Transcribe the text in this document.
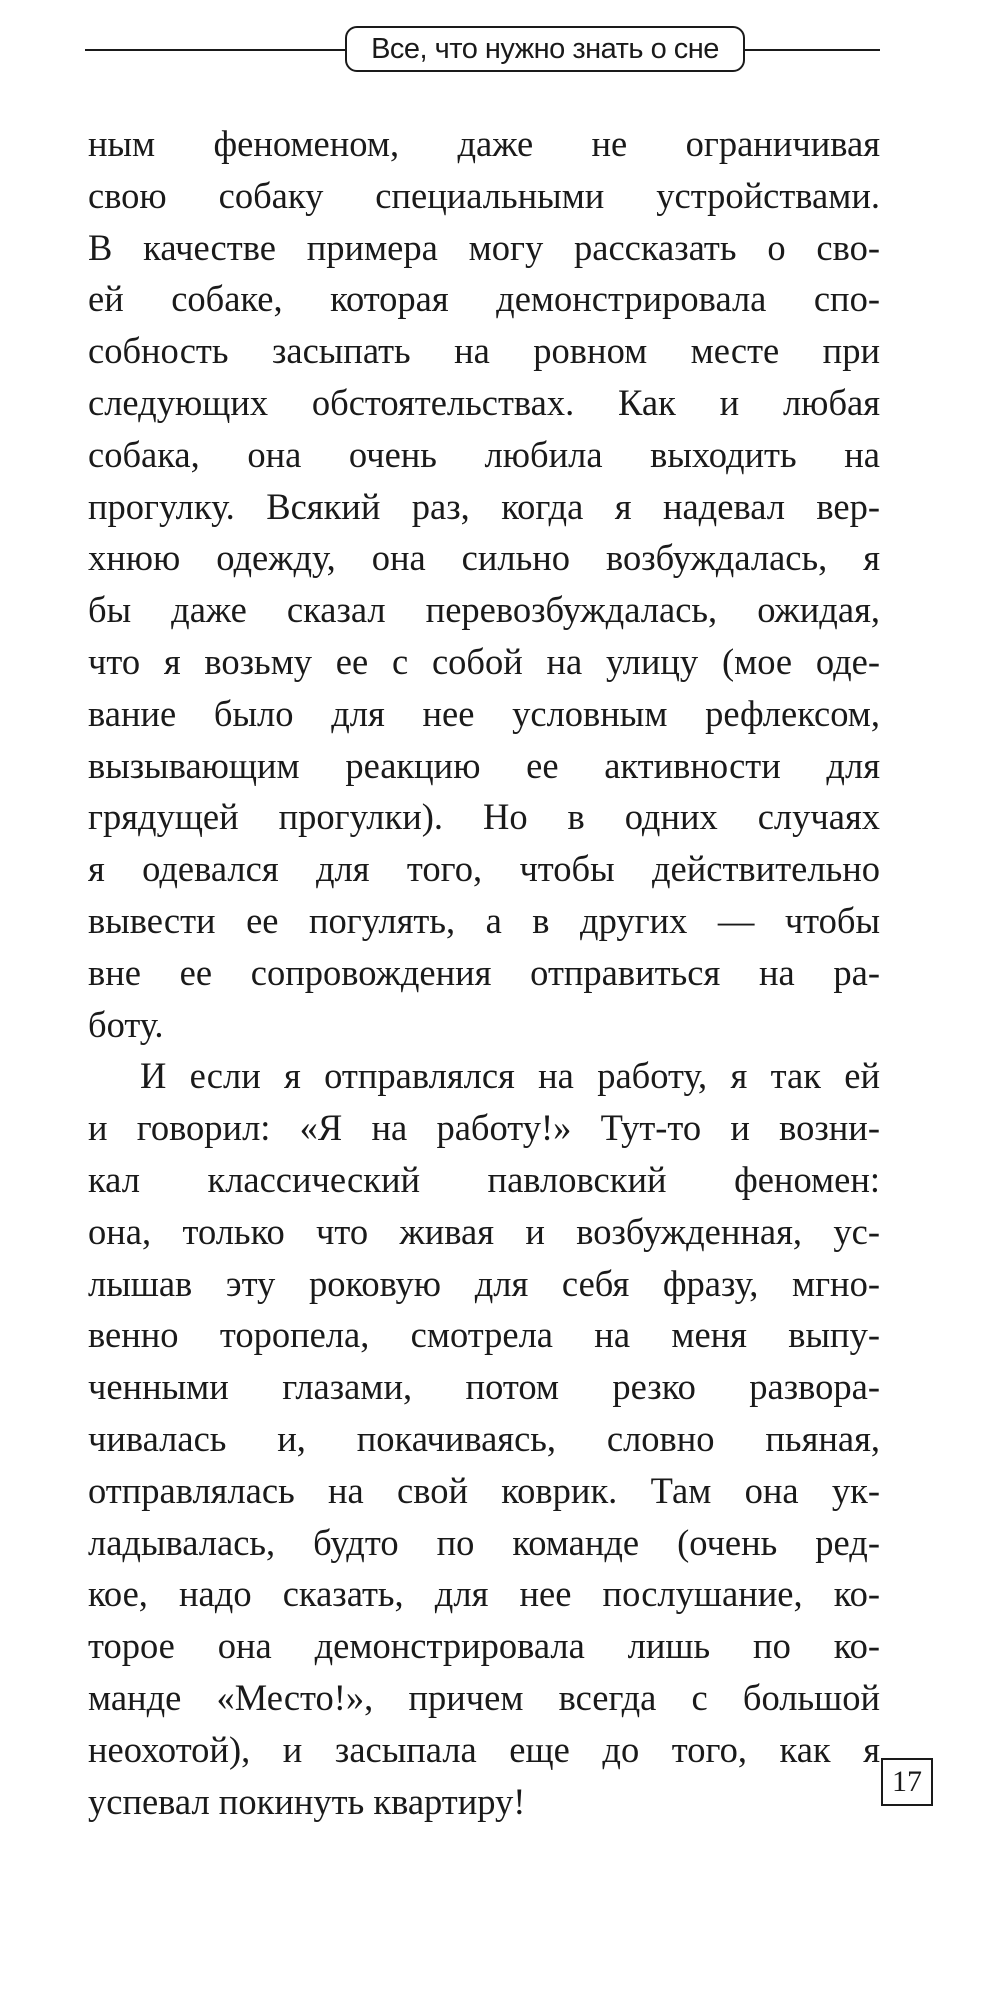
Все, что нужно знать о сне
ным феноменом, даже не ограничивая
свою собаку специальными устройствами.
В качестве примера могу рассказать о сво-
ей собаке, которая демонстрировала спо-
собность засыпать на ровном месте при
следующих обстоятельствах. Как и любая
собака, она очень любила выходить на
прогулку. Всякий раз, когда я надевал вер-
хнюю одежду, она сильно возбуждалась, я
бы даже сказал перевозбуждалась, ожидая,
что я возьму ее с собой на улицу (мое оде-
вание было для нее условным рефлексом,
вызывающим реакцию ее активности для
грядущей прогулки). Но в одних случаях
я одевался для того, чтобы действительно
вывести ее погулять, а в других — чтобы
вне ее сопровождения отправиться на ра-
боту.
И если я отправлялся на работу, я так ей
и говорил: «Я на работу!» Тут-то и возни-
кал классический павловский феномен:
она, только что живая и возбужденная, ус-
лышав эту роковую для себя фразу, мгно-
венно торопела, смотрела на меня выпу-
ченными глазами, потом резко развора-
чивалась и, покачиваясь, словно пьяная,
отправлялась на свой коврик. Там она ук-
ладывалась, будто по команде (очень ред-
кое, надо сказать, для нее послушание, ко-
торое она демонстрировала лишь по ко-
манде «Место!», причем всегда с большой
неохотой), и засыпала еще до того, как я
успевал покинуть квартиру!	17
